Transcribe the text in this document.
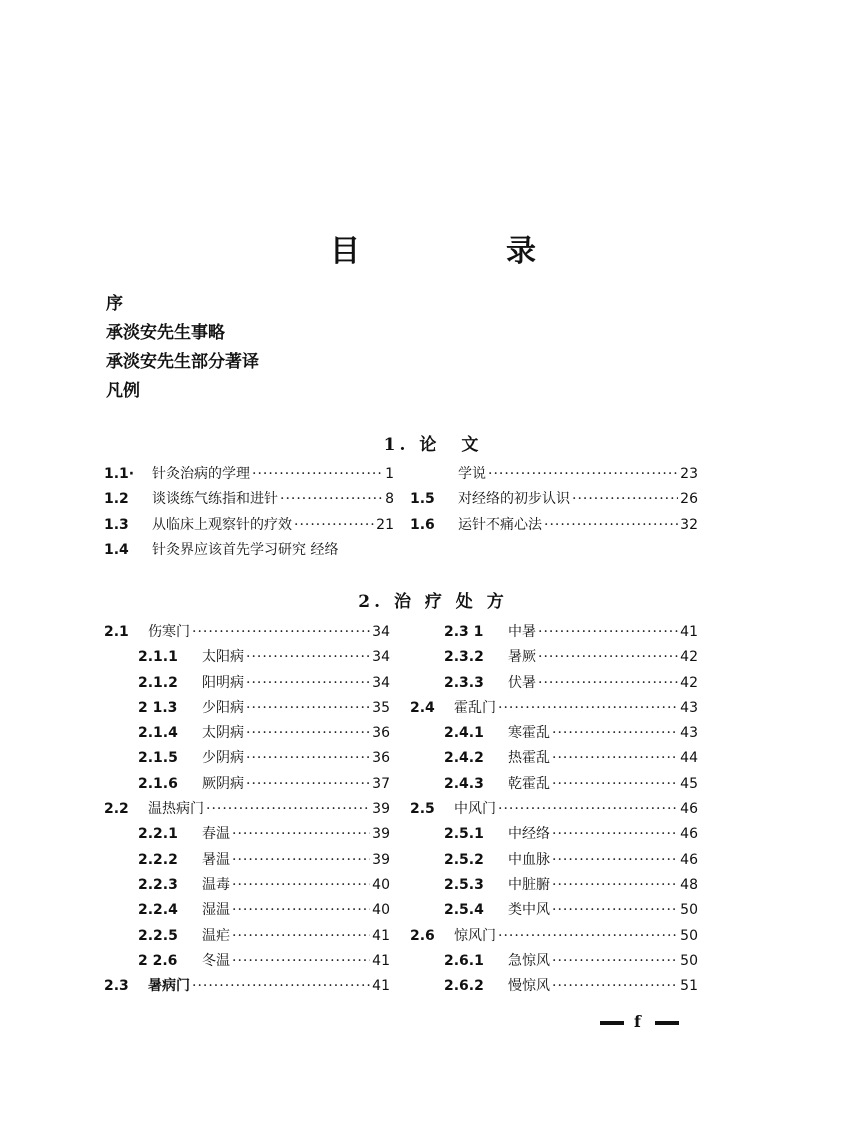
目　录
序
承淡安先生事略
承淡安先生部分著译
凡例
1. 论　文
1.1·	针灸治病的学理 ·····	1
1.2	谈谈练气练指和进针 ·····	8
1.3	从临床上观察针的疗效 ·····	21
1.4	针灸界应该首先学习研究 经络
学说 ·····	23
1.5	对经络的初步认识 ·····	26
1.6	运针不痛心法 ·····	32
2. 治 疗 处 方
2.1	伤寒门 ·····	34
2.1.1	太阳病 ·····	34
2.1.2	阳明病 ·····	34
2 1.3	少阳病 ·····	35
2.1.4	太阴病 ·····	36
2.1.5	少阴病 ·····	36
2.1.6	厥阴病 ·····	37
2.2	温热病门 ·····	39
2.2.1	春温 ·····	39
2.2.2	暑温 ·····	39
2.2.3	温毒 ·····	40
2.2.4	湿温 ·····	40
2.2.5	温疟 ·····	41
2 2.6	冬温 ·····	41
2.3	暑病门 ·····	41
2.3 1	中暑 ·····	41
2.3.2	暑厥 ·····	42
2.3.3	伏暑 ·····	42
2.4	霍乱门 ·····	43
2.4.1	寒霍乱 ·····	43
2.4.2	热霍乱 ·····	44
2.4.3	乾霍乱 ·····	45
2.5	中风门 ·····	46
2.5.1	中经络 ·····	46
2.5.2	中血脉 ·····	46
2.5.3	中脏腑 ·····	48
2.5.4	类中风 ·····	50
2.6	惊风门 ·····	50
2.6.1	急惊风 ·····	50
2.6.2	慢惊风 ·····	51
f
